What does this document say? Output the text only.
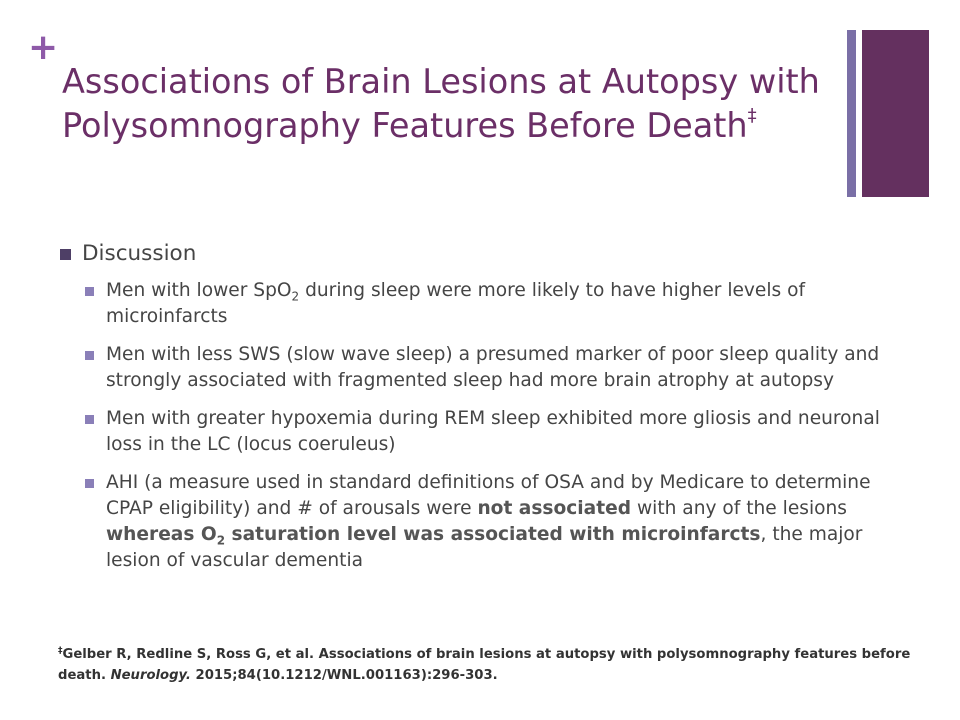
+
Associations of Brain Lesions at Autopsy with Polysomnography Features Before Death‡
Discussion
Men with lower SpO$_2$ during sleep were more likely to have higher levels of microinfarcts
Men with less SWS (slow wave sleep) a presumed marker of poor sleep quality and strongly associated with fragmented sleep had more brain atrophy at autopsy
Men with greater hypoxemia during REM sleep exhibited more gliosis and neuronal loss in the LC (locus coeruleus)
AHI (a measure used in standard definitions of OSA and by Medicare to determine CPAP eligibility) and # of arousals were not associated with any of the lesions whereas $O_2$ saturation level was associated with microinfarcts, the major lesion of vascular dementia
‡Gelber R, Redline S, Ross G, et al. Associations of brain lesions at autopsy with polysomnography features before death. Neurology. 2015;84(10.1212/WNL.001163):296-303.
